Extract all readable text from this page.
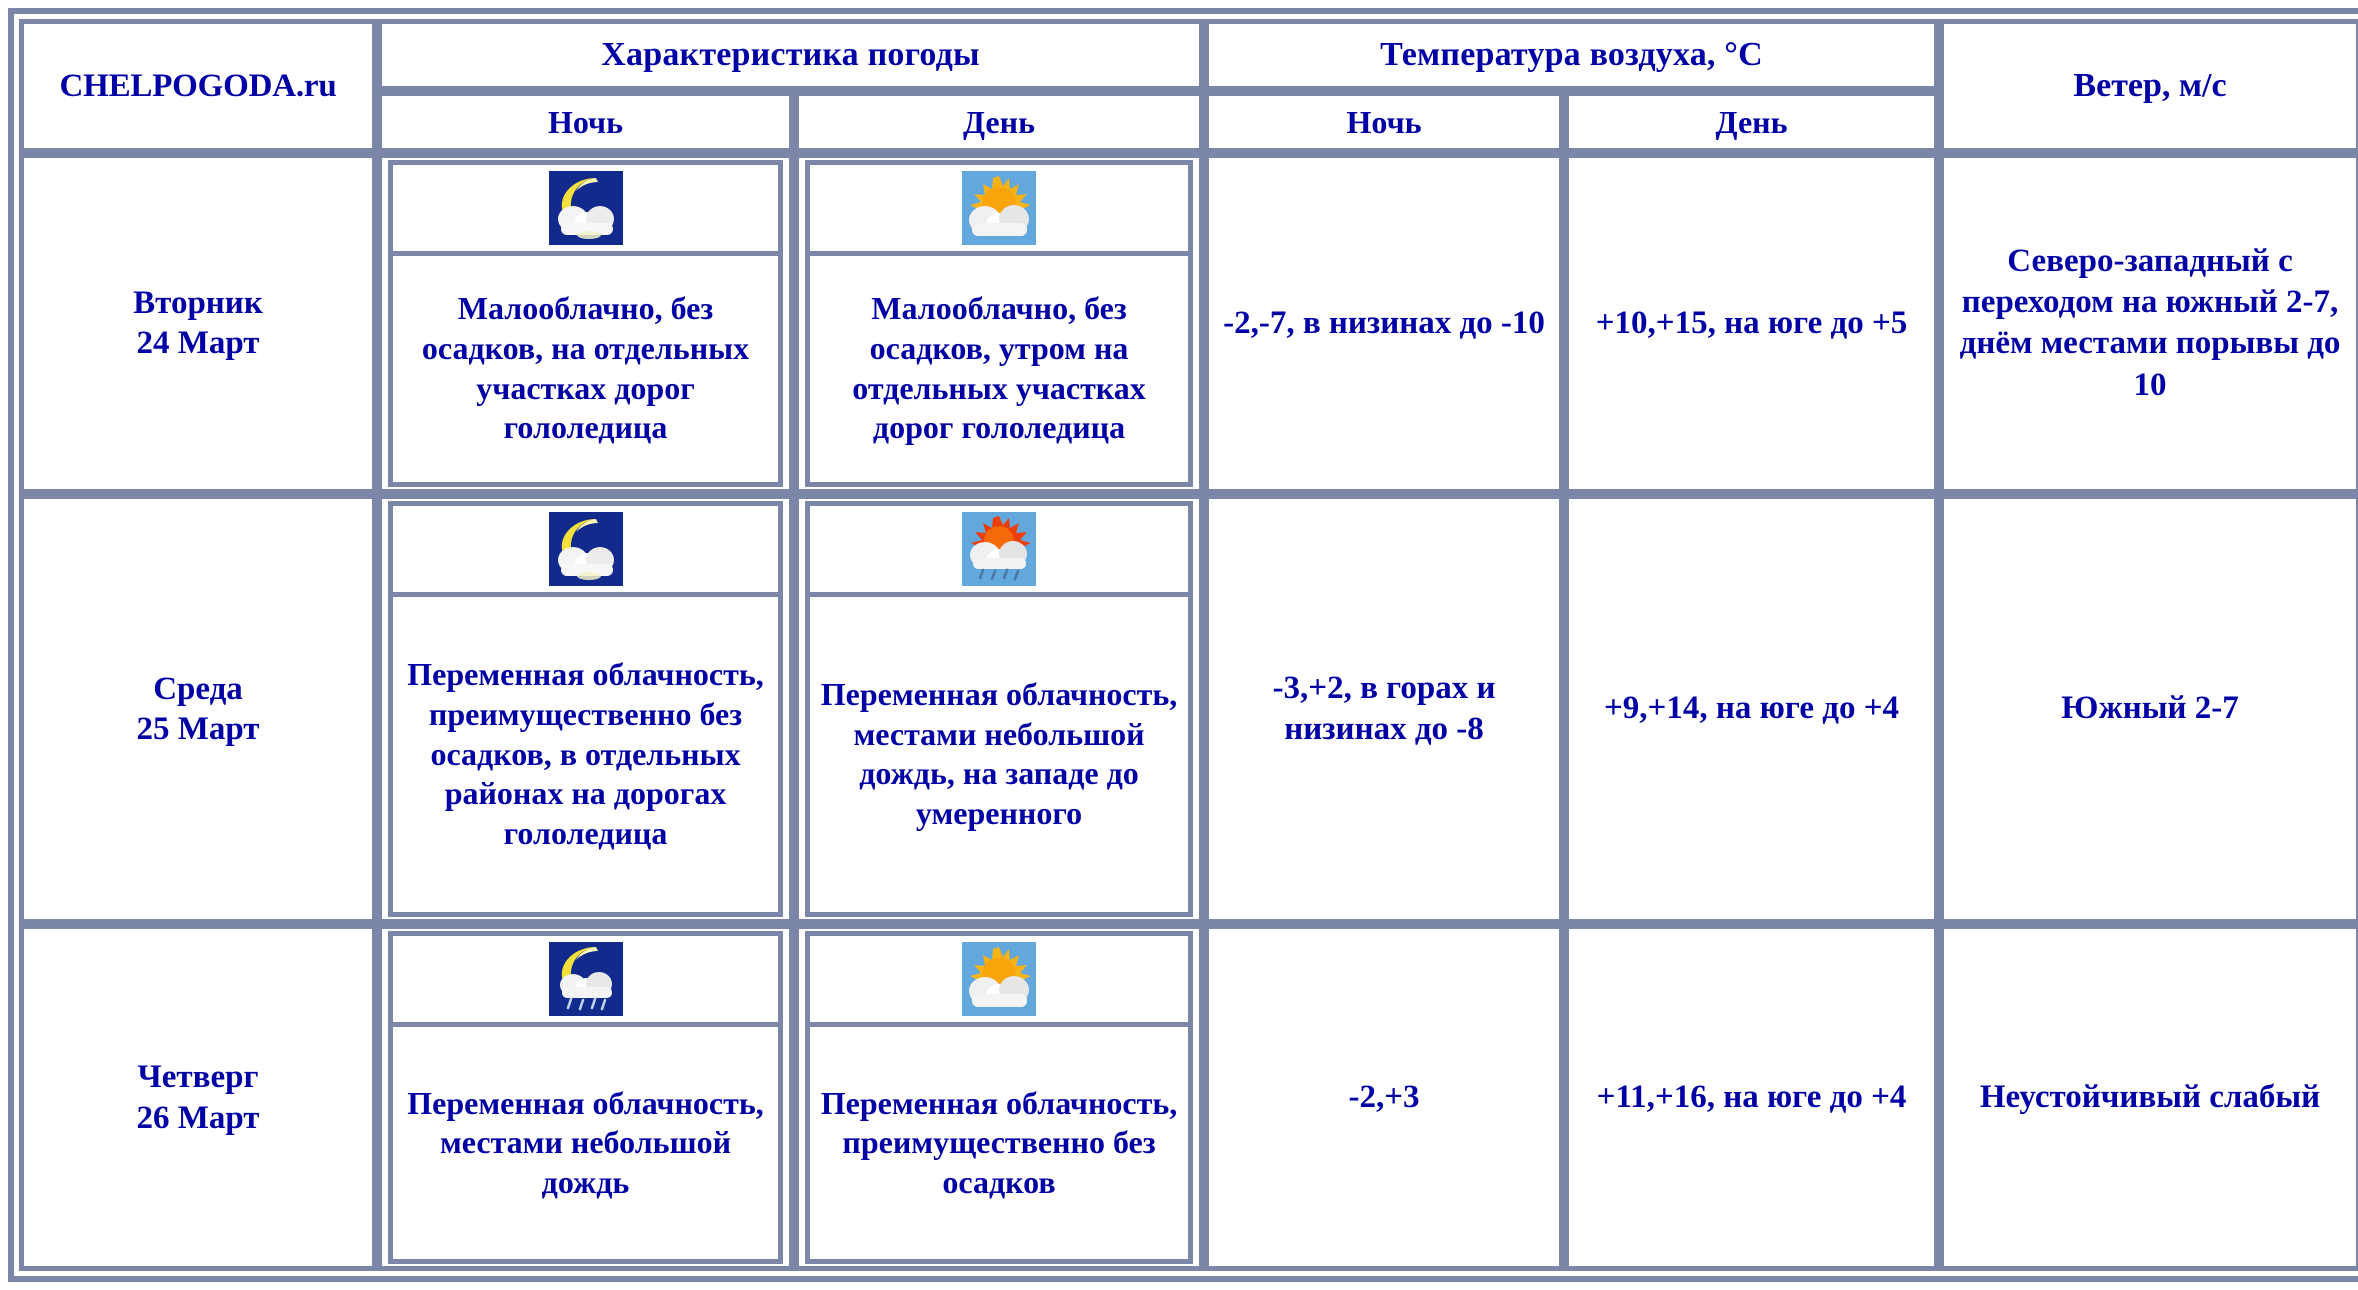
CHELPOGODA.ru	Характеристика погоды		Температура воздуха, °C		Ветер, м/с
	Ночь	День	Ночь	День	
Вторник
24 Март	Малооблачно, без осадков, на отдельных участках дорог гололедица	Малооблачно, без осадков, утром на отдельных участках дорог гололедица	-2,-7, в низинах до -10	+10,+15, на юге до +5	Северо-западный с переходом на южный 2-7, днём местами порывы до 10
Среда
25 Март	Переменная облачность, преимущественно без осадков, в отдельных районах на дорогах гололедица	Переменная облачность, местами небольшой дождь, на западе до умеренного	-3,+2, в горах и низинах до -8	+9,+14, на юге до +4	Южный 2-7
Четверг
26 Март	Переменная облачность, местами небольшой дождь	Переменная облачность, преимущественно без осадков	-2,+3	+11,+16, на юге до +4	Неустойчивый слабый
